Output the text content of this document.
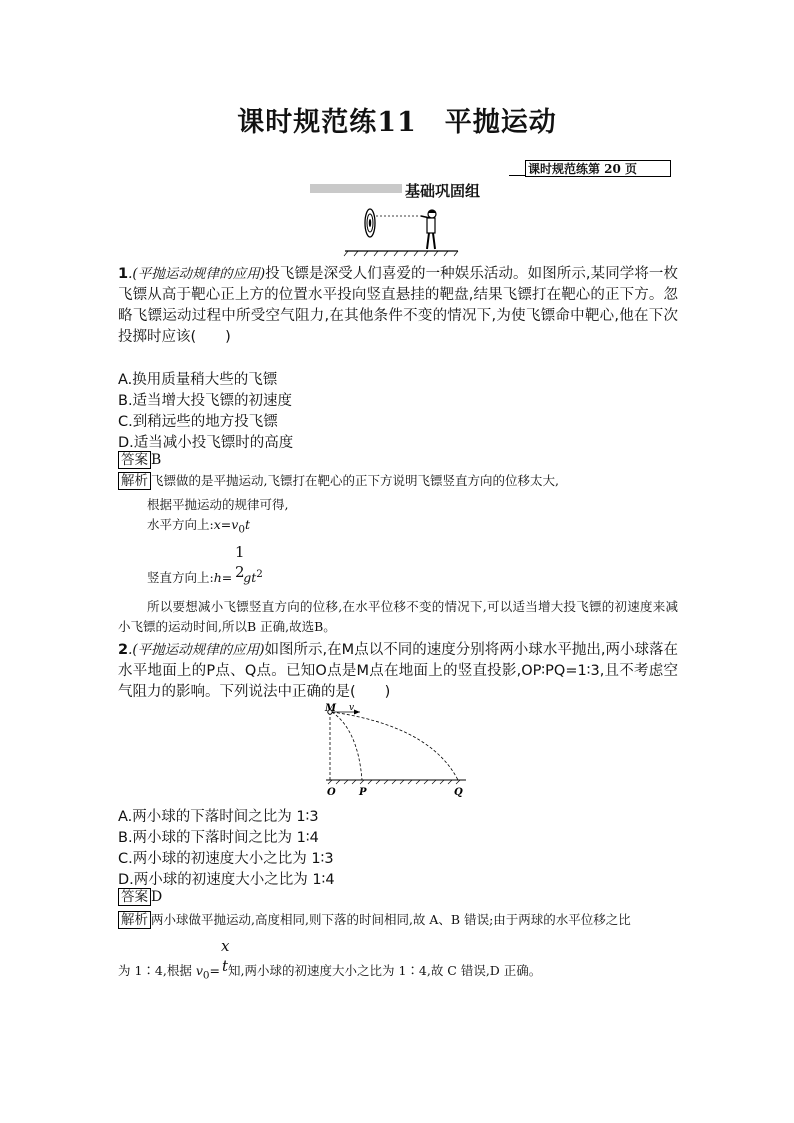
课时规范练11 平抛运动
课时规范练第 20 页
基础巩固组
1.(平抛运动规律的应用)投飞镖是深受人们喜爱的一种娱乐活动。如图所示,某同学将一枚飞镖从高于靶心正上方的位置水平投向竖直悬挂的靶盘,结果飞镖打在靶心的正下方。忽略飞镖运动过程中所受空气阻力,在其他条件不变的情况下,为使飞镖命中靶心,他在下次投掷时应该(　　)
A.换用质量稍大些的飞镖
B.适当增大投飞镖的初速度
C.到稍远些的地方投飞镖
D.适当减小投飞镖时的高度
答案 B
解析 飞镖做的是平抛运动,飞镖打在靶心的正下方说明飞镖竖直方向的位移太大,
根据平抛运动的规律可得,
水平方向上$:x=v_0t$
1
2
竖直方向上:h= $gt^2$
所以要想减小飞镖竖直方向的位移,在水平位移不变的情况下,可以适当增大投飞镖的初速度来减小飞镖的运动时间,所以B 正确,故选B。
2.(平抛运动规律的应用)如图所示,在M点以不同的速度分别将两小球水平抛出,两小球落在水平地面上的P点、Q点。已知O点是M点在地面上的竖直投影,OP∶PQ=1∶3,且不考虑空气阻力的影响。下列说法中正确的是(　　)
M v
O P	Q
A.两小球的下落时间之比为 1∶3
B.两小球的下落时间之比为 1∶4
C.两小球的初速度大小之比为 1∶3
D.两小球的初速度大小之比为 1∶4
答案 D
解析 两小球做平抛运动,高度相同,则下落的时间相同,故 A、B 错误;由于两球的水平位移之比
x
t
为 1∶4,根据 $v_0=$ 知,两小球的初速度大小之比为 1∶4,故 C 错误,D 正确。
